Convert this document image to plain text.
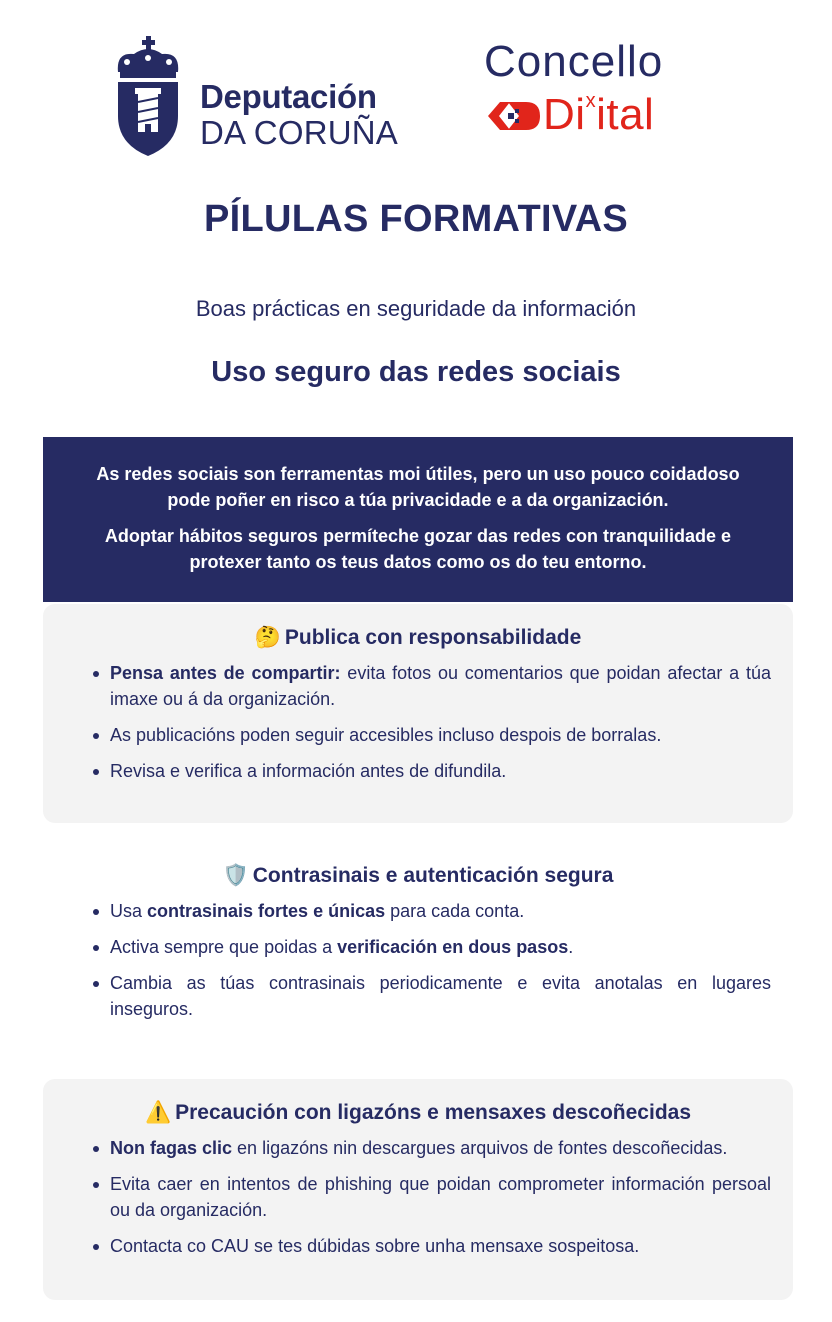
Deputación
DA CORUÑA
Concello
Di$^x$ital
PÍLULAS FORMATIVAS
Boas prácticas en seguridade da información
Uso seguro das redes sociais

As redes sociais son ferramentas moi útiles, pero un uso pouco coidadoso pode poñer en risco a túa privacidade e a da organización.

Adoptar hábitos seguros permíteche gozar das redes con tranquilidade e protexer tanto os teus datos como os do teu entorno.

🤔 Publica con responsabilidade
Pensa antes de compartir: evita fotos ou comentarios que poidan afectar a túa imaxe ou á da organización.
As publicacións poden seguir accesibles incluso despois de borralas.
Revisa e verifica a información antes de difundila.
🛡️ Contrasinais e autenticación segura
Usa contrasinais fortes e únicas para cada conta.
Activa sempre que poidas a verificación en dous pasos.
Cambia as túas contrasinais periodicamente e evita anotalas en lugares inseguros.
⚠️ Precaución con ligazóns e mensaxes descoñecidas
Non fagas clic en ligazóns nin descargues arquivos de fontes descoñecidas.
Evita caer en intentos de phishing que poidan comprometer información persoal ou da organización.
Contacta co CAU se tes dúbidas sobre unha mensaxe sospeitosa.
